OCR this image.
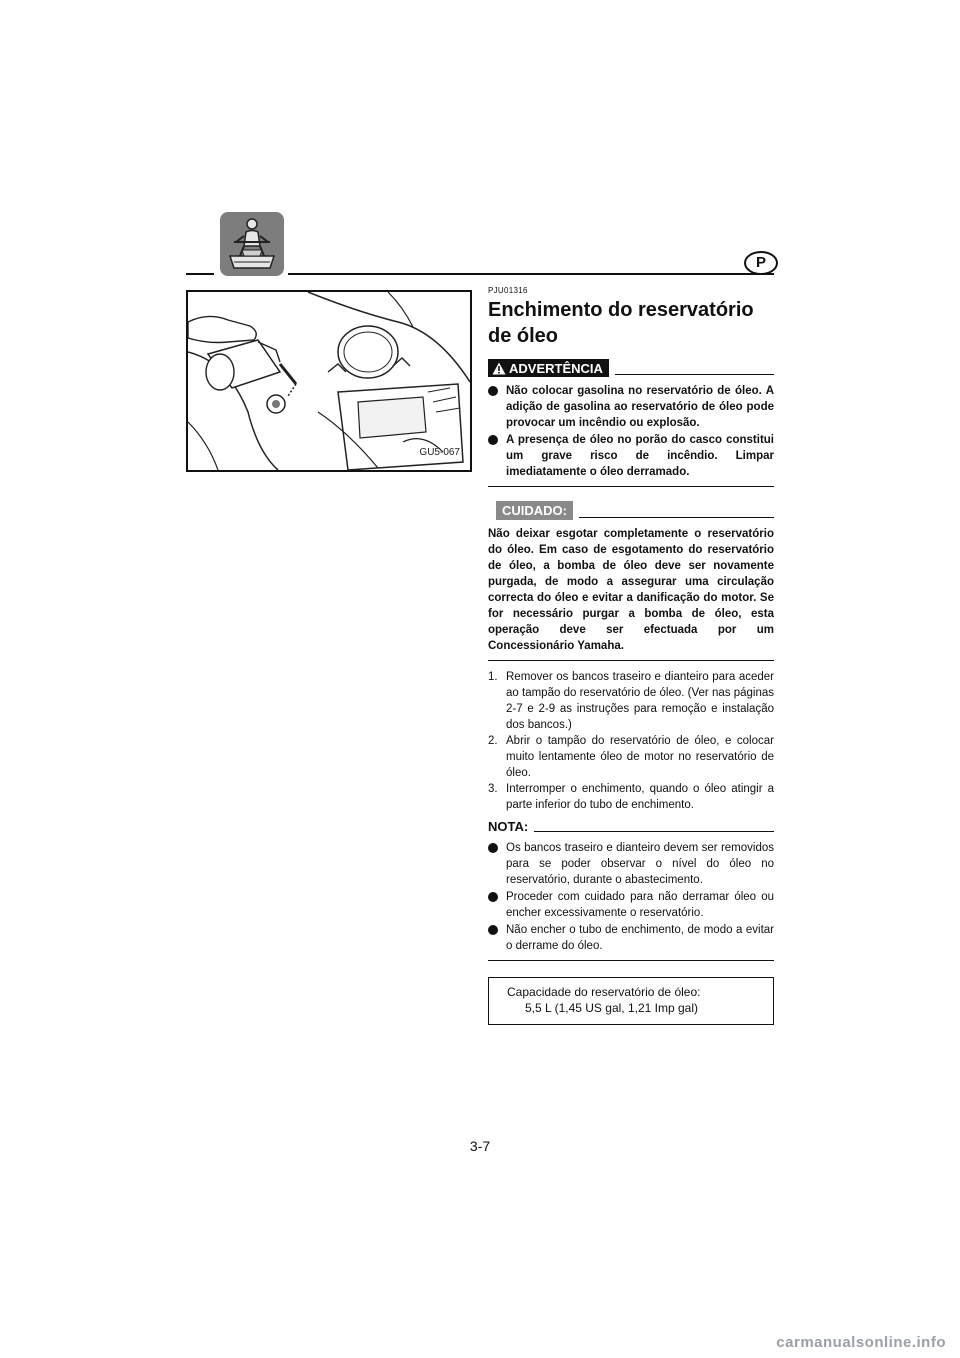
P
GU5-067

PJU01316

Enchimento do reservatório de óleo
ADVERTÊNCIA
Não colocar gasolina no reservatório de óleo. A adição de gasolina ao reservatório de óleo pode provocar um incêndio ou explosão.
A presença de óleo no porão do casco constitui um grave risco de incêndio. Limpar imediatamente o óleo derramado.
CUIDADO:

Não deixar esgotar completamente o reservatório do óleo. Em caso de esgotamento do reservatório de óleo, a bomba de óleo deve ser novamente purgada, de modo a assegurar uma circulação correcta do óleo e evitar a danificação do motor. Se for necessário purgar a bomba de óleo, esta operação deve ser efectuada por um Concessionário Yamaha.

1. Remover os bancos traseiro e dianteiro para aceder ao tampão do reservatório de óleo. (Ver nas páginas 2-7 e 2-9 as instruções para remoção e instalação dos bancos.)
2. Abrir o tampão do reservatório de óleo, e colocar muito lentamente óleo de motor no reservatório de óleo.
3. Interromper o enchimento, quando o óleo atingir a parte inferior do tubo de enchimento.
NOTA:
Os bancos traseiro e dianteiro devem ser removidos para se poder observar o nível do óleo no reservatório, durante o abastecimento.
Proceder com cuidado para não derramar óleo ou encher excessivamente o reservatório.
Não encher o tubo de enchimento, de modo a evitar o derrame do óleo.
Capacidade do reservatório de óleo:
5,5 L (1,45 US gal, 1,21 Imp gal)
3-7
carmanualsonline.info
